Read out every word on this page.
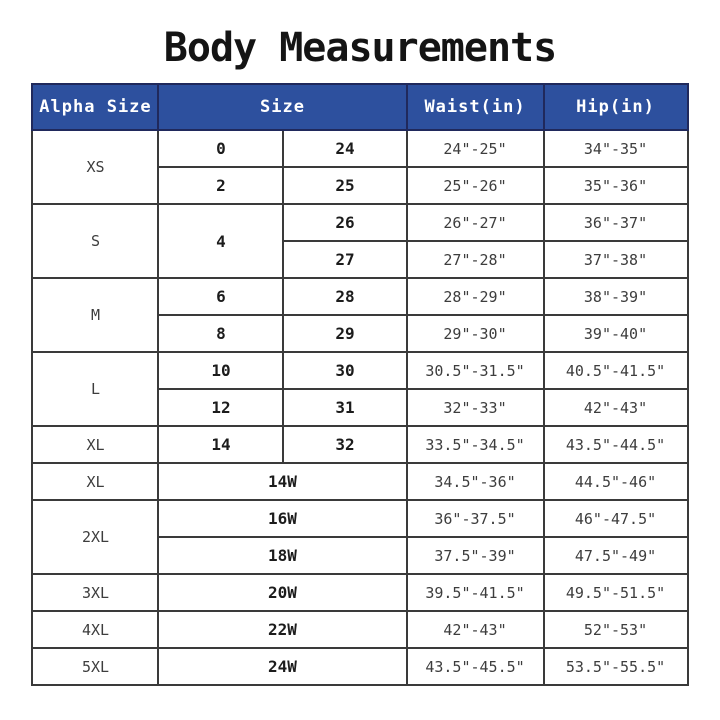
Body Measurements
Alpha Size	Size		Waist(in)	Hip(in)
XS	0	24	24"-25"	34"-35"
	2	25	25"-26"	35"-36"
S	4	26	26"-27"	36"-37"
		27	27"-28"	37"-38"
M	6	28	28"-29"	38"-39"
	8	29	29"-30"	39"-40"
L	10	30	30.5"-31.5"	40.5"-41.5"
	12	31	32"-33"	42"-43"
XL	14	32	33.5"-34.5"	43.5"-44.5"
XL	14W		34.5"-36"	44.5"-46"
2XL	16W		36"-37.5"	46"-47.5"
	18W		37.5"-39"	47.5"-49"
3XL	20W		39.5"-41.5"	49.5"-51.5"
4XL	22W		42"-43"	52"-53"
5XL	24W		43.5"-45.5"	53.5"-55.5"
